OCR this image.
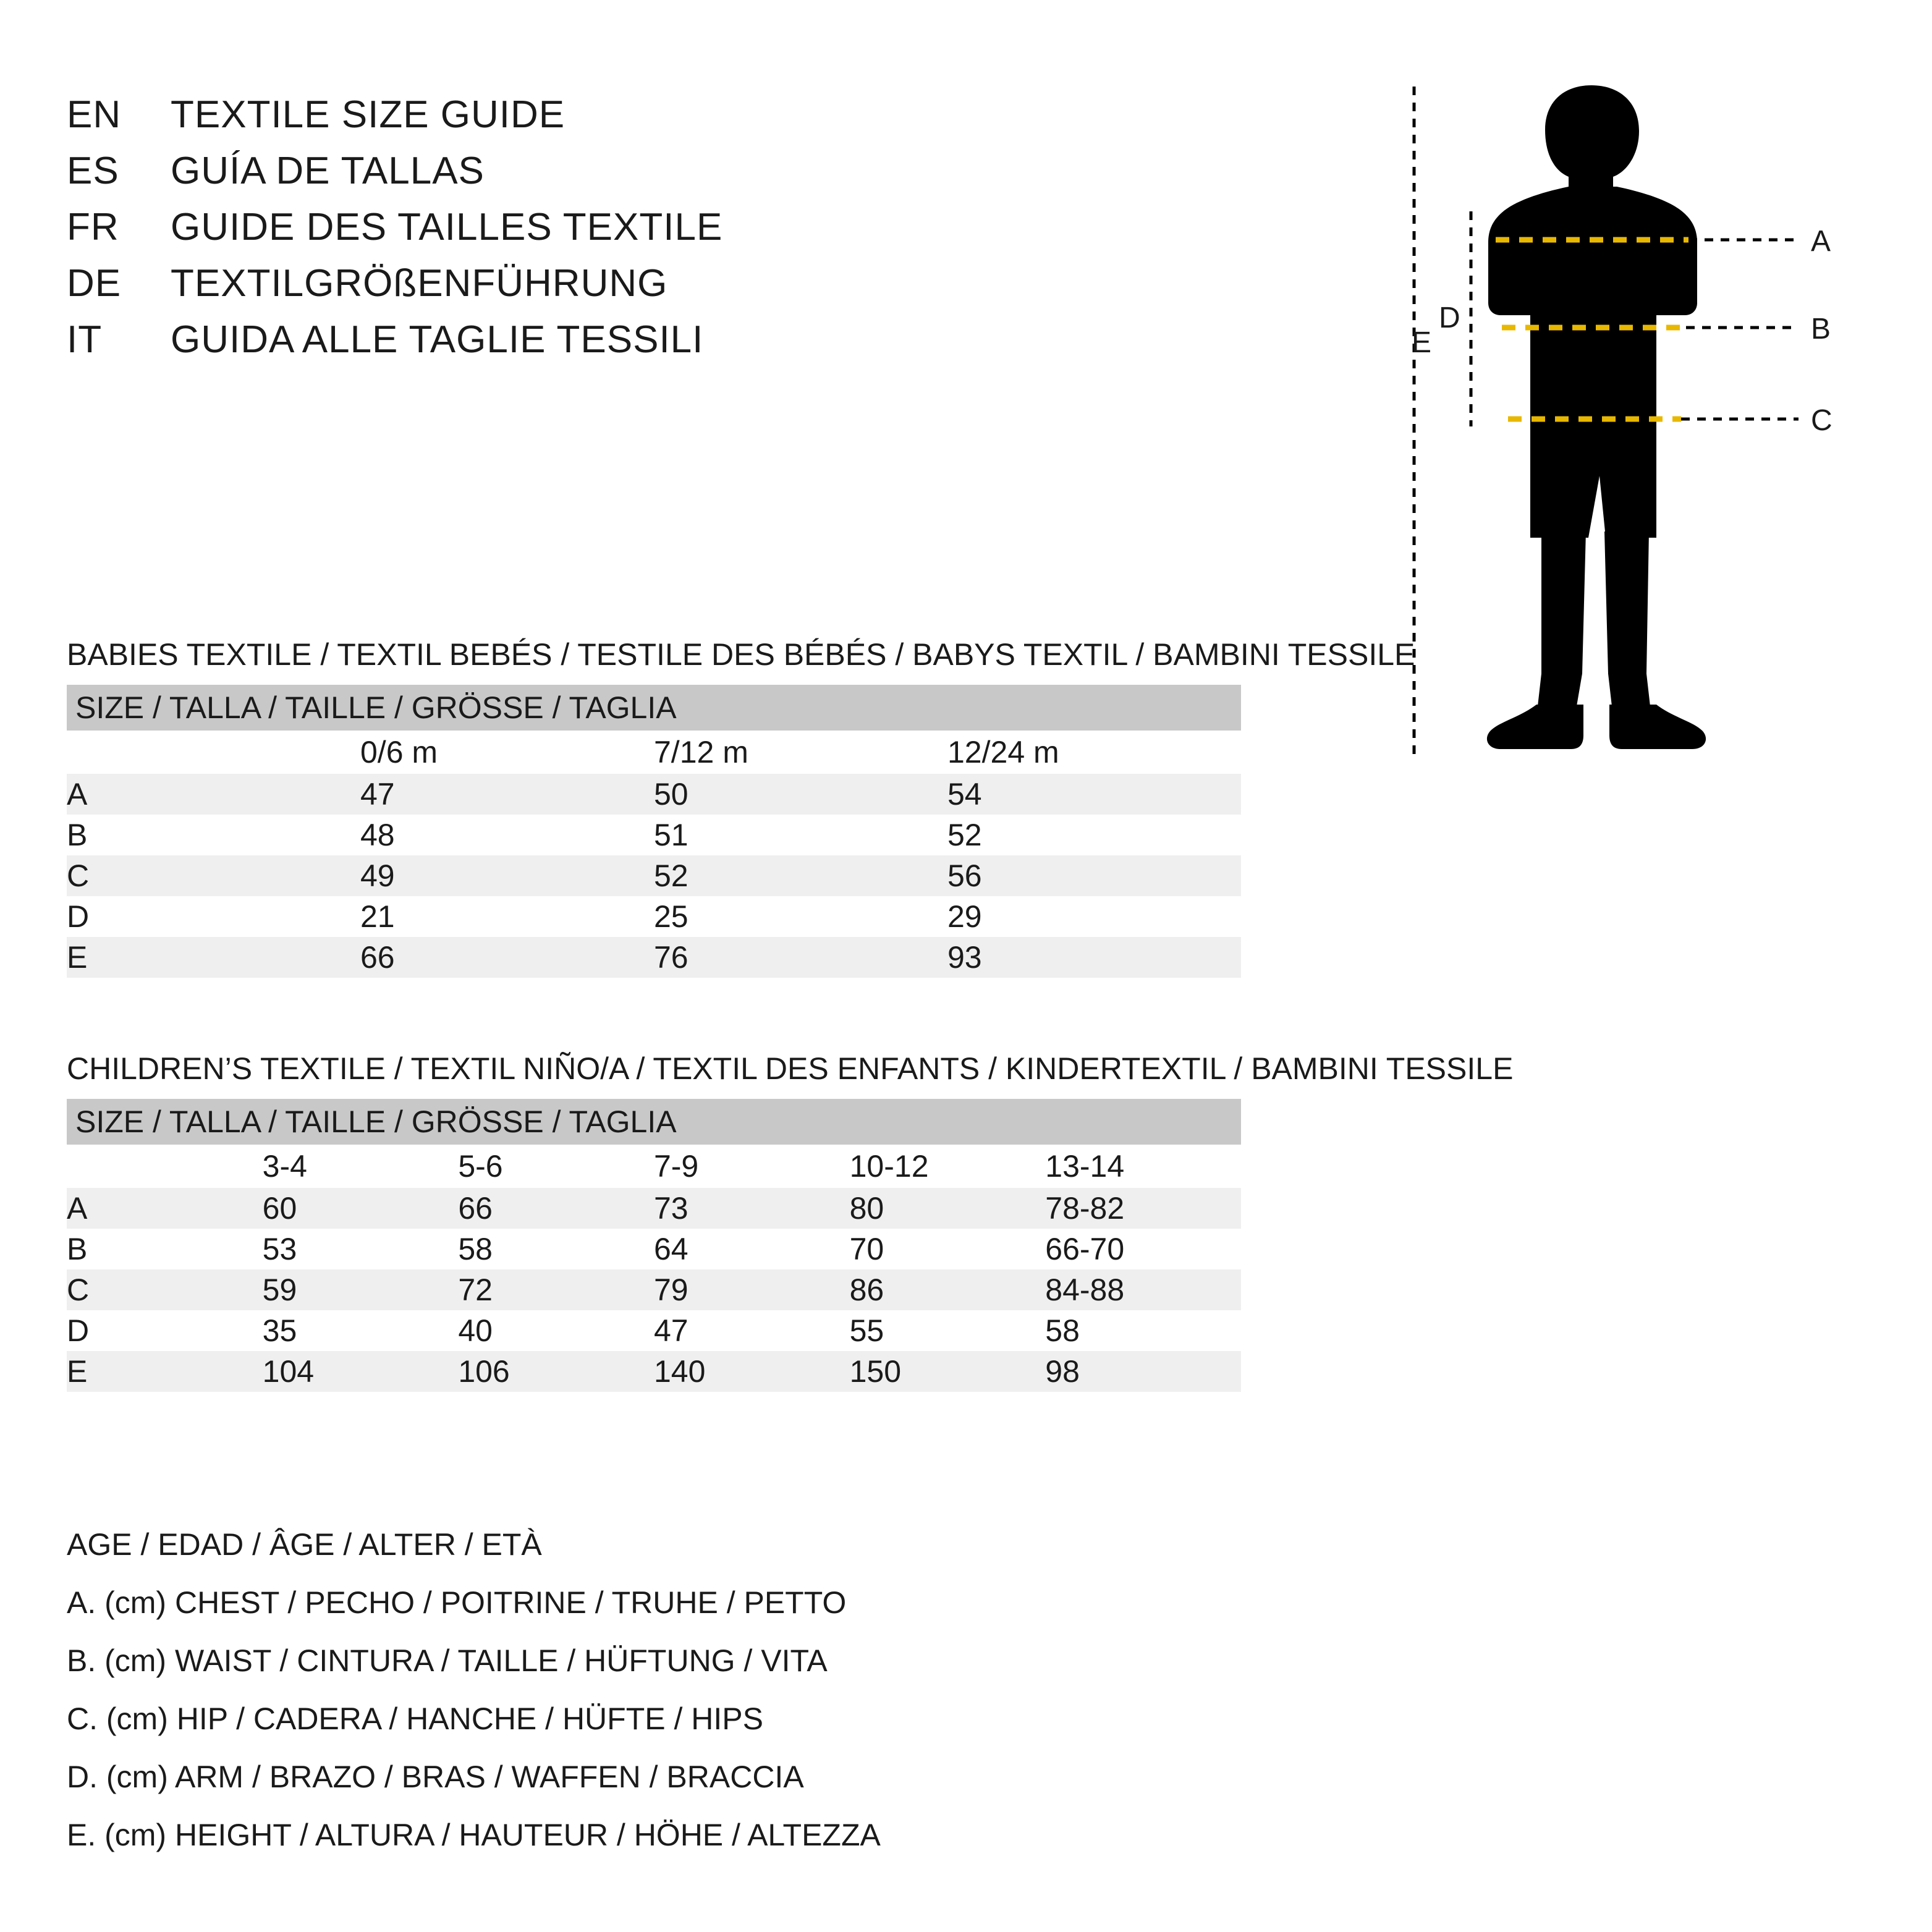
EN	TEXTILE SIZE GUIDE
ES	GUÍA DE TALLAS
FR	GUIDE DES TAILLES TEXTILE
DE	TEXTILGRÖßENFÜHRUNG
IT	GUIDA ALLE TAGLIE TESSILI
A
B
C
D
E
BABIES TEXTILE / TEXTIL BEBÉS / TESTILE DES BÉBÉS / BABYS TEXTIL / BAMBINI TESSILE
SIZE / TALLA / TAILLE / GRÖSSE / TAGLIA			
	0/6 m	7/12 m	12/24 m
A	47	50	54
B	48	51	52
C	49	52	56
D	21	25	29
E	66	76	93
CHILDREN’S TEXTILE / TEXTIL NIÑO/A / TEXTIL DES ENFANTS / KINDERTEXTIL / BAMBINI TESSILE
SIZE / TALLA / TAILLE / GRÖSSE / TAGLIA					
	3-4	5-6	7-9	10-12	13-14
A	60	66	73	80	78-82
B	53	58	64	70	66-70
C	59	72	79	86	84-88
D	35	40	47	55	58
E	104	106	140	150	98
AGE / EDAD / ÂGE / ALTER / ETÀ
A. (cm) CHEST / PECHO / POITRINE / TRUHE / PETTO
B. (cm) WAIST / CINTURA / TAILLE / HÜFTUNG / VITA
C. (cm) HIP / CADERA / HANCHE / HÜFTE / HIPS
D. (cm) ARM / BRAZO / BRAS / WAFFEN / BRACCIA
E. (cm) HEIGHT / ALTURA / HAUTEUR / HÖHE / ALTEZZA
